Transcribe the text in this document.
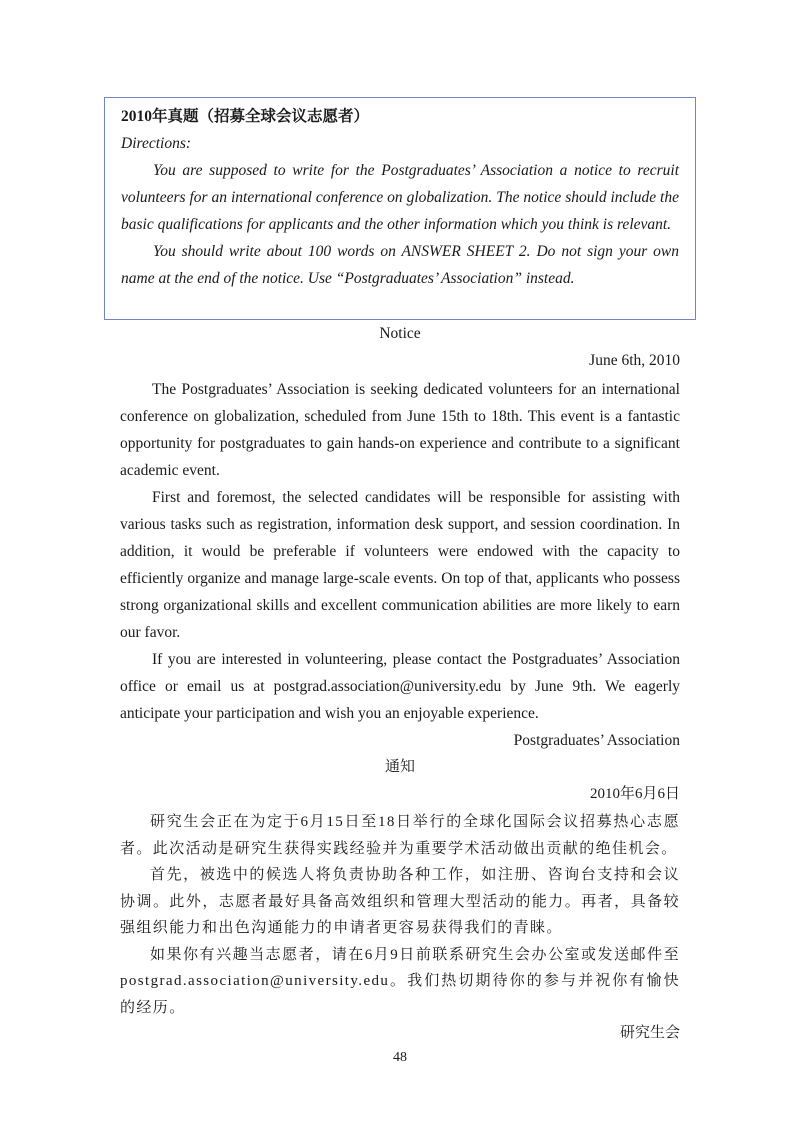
2010年真题（招募全球会议志愿者）
Directions:

You are supposed to write for the Postgraduates’ Association a notice to recruit volunteers for an international conference on globalization. The notice should include the basic qualifications for applicants and the other information which you think is relevant.

You should write about 100 words on ANSWER SHEET 2. Do not sign your own name at the end of the notice. Use “Postgraduates’ Association” instead.

Notice
June 6th, 2010

The Postgraduates’ Association is seeking dedicated volunteers for an international conference on globalization, scheduled from June 15th to 18th. This event is a fantastic opportunity for postgraduates to gain hands-on experience and contribute to a significant academic event.

First and foremost, the selected candidates will be responsible for assisting with various tasks such as registration, information desk support, and session coordination. In addition, it would be preferable if volunteers were endowed with the capacity to efficiently organize and manage large-scale events. On top of that, applicants who possess strong organizational skills and excellent communication abilities are more likely to earn our favor.

If you are interested in volunteering, please contact the Postgraduates’ Association office or email us at postgrad.association@university.edu by June 9th. We eagerly anticipate your participation and wish you an enjoyable experience.

Postgraduates’ Association
通知
2010年6月6日

研究生会正在为定于6月15日至18日举行的全球化国际会议招募热心志愿者。此次活动是研究生获得实践经验并为重要学术活动做出贡献的绝佳机会。

首先，被选中的候选人将负责协助各种工作，如注册、咨询台支持和会议协调。此外，志愿者最好具备高效组织和管理大型活动的能力。再者，具备较强组织能力和出色沟通能力的申请者更容易获得我们的青睐。

如果你有兴趣当志愿者，请在6月9日前联系研究生会办公室或发送邮件至postgrad.association@university.edu。我们热切期待你的参与并祝你有愉快的经历。

研究生会
48
